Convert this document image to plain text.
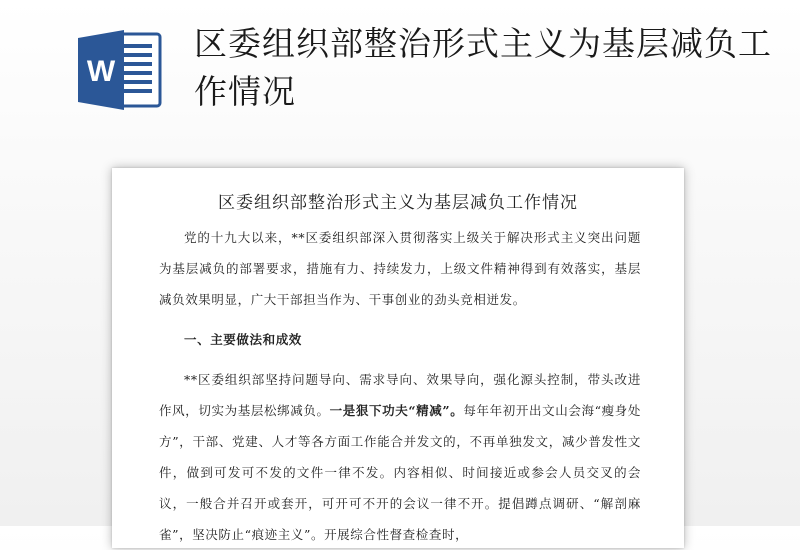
W
区委组织部整治形式主义为基层减负工作情况
区委组织部整治形式主义为基层减负工作情况

党的十九大以来，**区委组织部深入贯彻落实上级关于解决形式主义突出问题为基层减负的部署要求，措施有力、持续发力，上级文件精神得到有效落实，基层减负效果明显，广大干部担当作为、干事创业的劲头竞相迸发。

一、主要做法和成效

**区委组织部坚持问题导向、需求导向、效果导向，强化源头控制，带头改进作风，切实为基层松绑减负。一是狠下功夫“精减”。每年年初开出文山会海“瘦身处方”，干部、党建、人才等各方面工作能合并发文的，不再单独发文，减少普发性文件，做到可发可不发的文件一律不发。内容相似、时间接近或参会人员交叉的会议，一般合并召开或套开，可开可不开的会议一律不开。提倡蹲点调研、“解剖麻雀”，坚决防止“痕迹主义”。开展综合性督查检查时，
